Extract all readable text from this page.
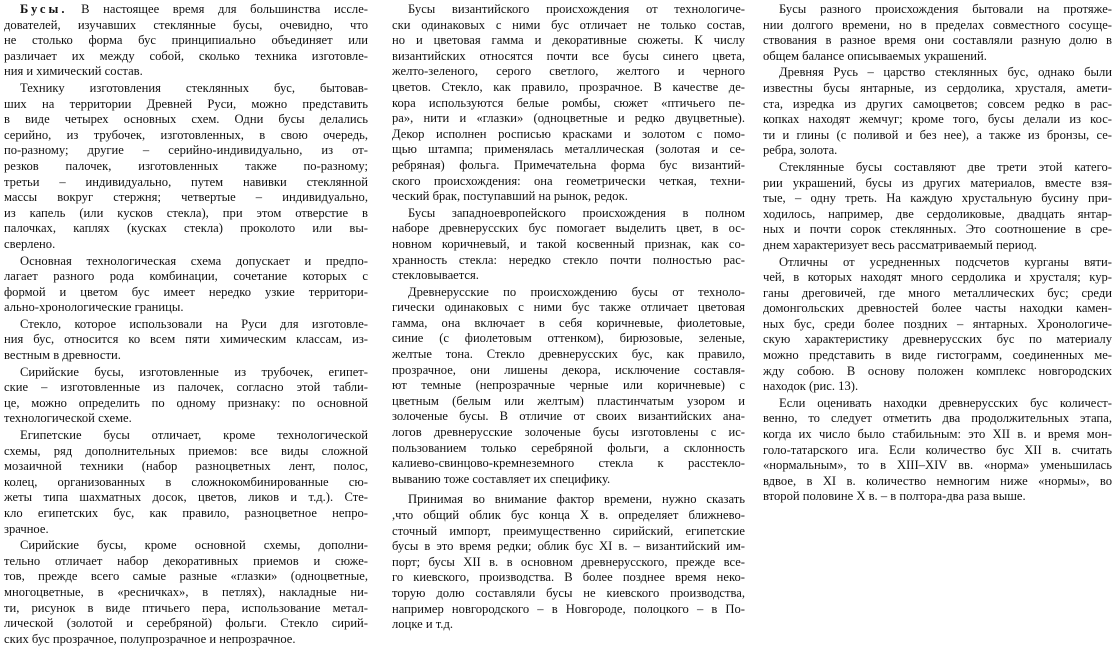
Бусы. В настоящее время для большинства иссле-
дователей, изучавших стеклянные бусы, очевидно, что
не столько форма бус принципиально объединяет или
различает их между собой, сколько техника изготовле-
ния и химический состав.
Технику изготовления стеклянных бус, бытовав-
ших на территории Древней Руси, можно представить
в виде четырех основных схем. Одни бусы делались
серийно, из трубочек, изготовленных, в свою очередь,
по-разному; другие – серийно-индивидуально, из от-
резков палочек, изготовленных также по-разному;
третьи – индивидуально, путем навивки стеклянной
массы вокруг стержня; четвертые – индивидуально,
из капель (или кусков стекла), при этом отверстие в
палочках, каплях (кусках стекла) проколото или вы-
сверлено.
Основная технологическая схема допускает и предпо-
лагает разного рода комбинации, сочетание которых с
формой и цветом бус имеет нередко узкие территори-
ально-хронологические границы.
Стекло, которое использовали на Руси для изготовле-
ния бус, относится ко всем пяти химическим классам, из-
вестным в древности.
Сирийские бусы, изготовленные из трубочек, египет-
ские – изготовленные из палочек, согласно этой табли-
це, можно определить по одному признаку: по основной
технологической схеме.
Египетские бусы отличает, кроме технологической
схемы, ряд дополнительных приемов: все виды сложной
мозаичной техники (набор разноцветных лент, полос,
колец, организованных в сложнокомбинированные сю-
жеты типа шахматных досок, цветов, ликов и т.д.). Сте-
кло египетских бус, как правило, разноцветное непро-
зрачное.
Сирийские бусы, кроме основной схемы, дополни-
тельно отличает набор декоративных приемов и сюже-
тов, прежде всего самые разные «глазки» (одноцветные,
многоцветные, в «ресничках», в петлях), накладные ни-
ти, рисунок в виде птичьего пера, использование метал-
лической (золотой и серебряной) фольги. Стекло сирий-
ских бус прозрачное, полупрозрачное и непрозрачное.
Бусы византийского происхождения от технологиче-
ски одинаковых с ними бус отличает не только состав,
но и цветовая гамма и декоративные сюжеты. К числу
византийских относятся почти все бусы синего цвета,
желто-зеленого, серого светлого, желтого и черного
цветов. Стекло, как правило, прозрачное. В качестве де-
кора используются белые ромбы, сюжет «птичьего пе-
ра», нити и «глазки» (одноцветные и редко двуцветные).
Декор исполнен росписью красками и золотом с помо-
щью штампа; применялась металлическая (золотая и се-
ребряная) фольга. Примечательна форма бус византий-
ского происхождения: она геометрически четкая, техни-
ческий брак, поступавший на рынок, редок.
Бусы западноевропейского происхождения в полном
наборе древнерусских бус помогает выделить цвет, в ос-
новном коричневый, и такой косвенный признак, как со-
хранность стекла: нередко стекло почти полностью рас-
стекловывается.
Древнерусские по происхождению бусы от техноло-
гически одинаковых с ними бус также отличает цветовая
гамма, она включает в себя коричневые, фиолетовые,
синие (с фиолетовым оттенком), бирюзовые, зеленые,
желтые тона. Стекло древнерусских бус, как правило,
прозрачное, они лишены декора, исключение составля-
ют темные (непрозрачные черные или коричневые) с
цветным (белым или желтым) пластинчатым узором и
золоченые бусы. В отличие от своих византийских ана-
логов древнерусские золоченые бусы изготовлены с ис-
пользованием только серебряной фольги, а склонность
калиево-свинцово-кремнеземного стекла к расстекло-
выванию тоже составляет их специфику.
Принимая во внимание фактор времени, нужно сказать
,что общий облик бус конца X в. определяет ближнево-
сточный импорт, преимущественно сирийский, египетские
бусы в это время редки; облик бус XI в. – византийский им-
порт; бусы XII в. в основном древнерусского, прежде все-
го киевского, производства. В более позднее время неко-
торую долю составляли бусы не киевского производства,
например новгородского – в Новгороде, полоцкого – в По-
лоцке и т.д.
Бусы разного происхождения бытовали на протяже-
нии долгого времени, но в пределах совместного сосуще-
ствования в разное время они составляли разную долю в
общем балансе описываемых украшений.
Древняя Русь – царство стеклянных бус, однако были
известны бусы янтарные, из сердолика, хрусталя, амети-
ста, изредка из других самоцветов; совсем редко в рас-
копках находят жемчуг; кроме того, бусы делали из кос-
ти и глины (с поливой и без нее), а также из бронзы, се-
ребра, золота.
Стеклянные бусы составляют две трети этой катего-
рии украшений, бусы из других материалов, вместе взя-
тые, – одну треть. На каждую хрустальную бусину при-
ходилось, например, две сердоликовые, двадцать янтар-
ных и почти сорок стеклянных. Это соотношение в сре-
днем характеризует весь рассматриваемый период.
Отличны от усредненных подсчетов курганы вяти-
чей, в которых находят много сердолика и хрусталя; кур-
ганы дреговичей, где много металлических бус; среди
домонгольских древностей более часты находки камен-
ных бус, среди более поздних – янтарных. Хронологиче-
скую характеристику древнерусских бус по материалу
можно представить в виде гистограмм, соединенных ме-
жду собою. В основу положен комплекс новгородских
находок (рис. 13).
Если оценивать находки древнерусских бус количест-
венно, то следует отметить два продолжительных этапа,
когда их число было стабильным: это XII в. и время мон-
голо-татарского ига. Если количество бус XII в. считать
«нормальным», то в XIII–XIV вв. «норма» уменьшилась
вдвое, в XI в. количество немногим ниже «нормы», во
второй половине X в. – в полтора-два раза выше.
